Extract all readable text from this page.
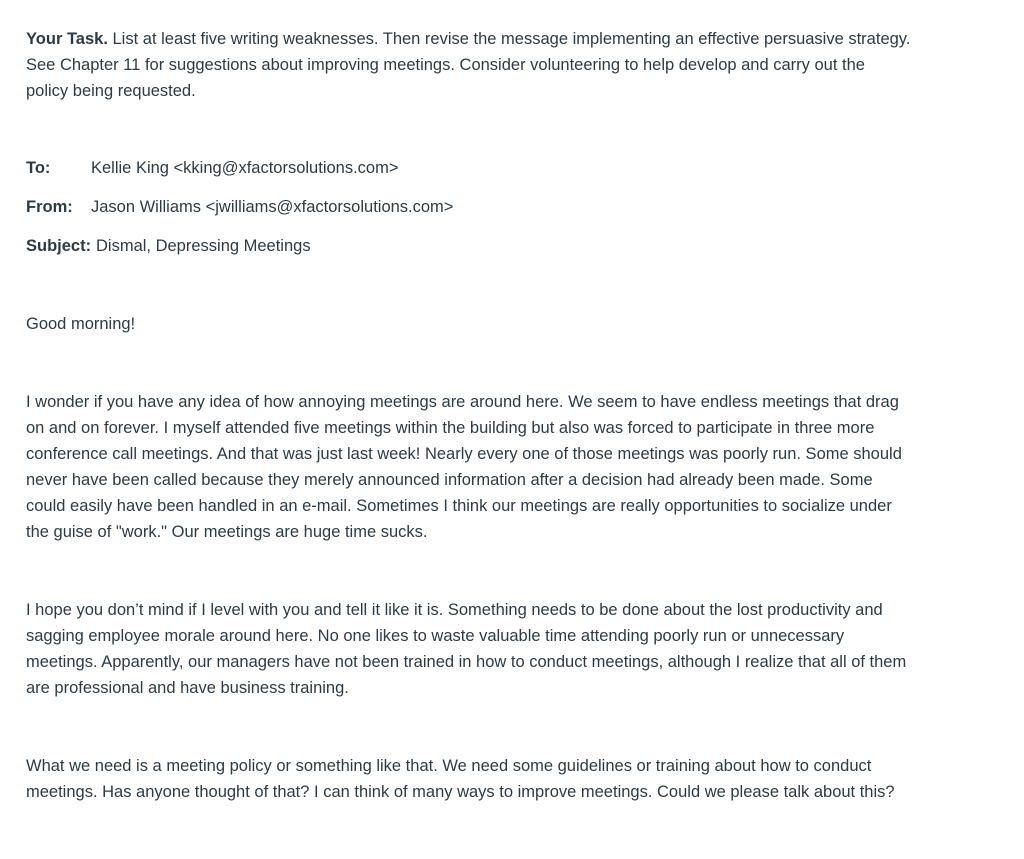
Your Task. List at least five writing weaknesses. Then revise the message implementing an effective persuasive strategy. See Chapter 11 for suggestions about improving meetings. Consider volunteering to help develop and carry out the policy being requested.

To: Kellie King <kking@xfactorsolutions.com>
From: Jason Williams <jwilliams@xfactorsolutions.com>
Subject: Dismal, Depressing Meetings

Good morning!

I wonder if you have any idea of how annoying meetings are around here. We seem to have endless meetings that drag on and on forever. I myself attended five meetings within the building but also was forced to participate in three more conference call meetings. And that was just last week! Nearly every one of those meetings was poorly run. Some should never have been called because they merely announced information after a decision had already been made. Some could easily have been handled in an e-mail. Sometimes I think our meetings are really opportunities to socialize under the guise of "work." Our meetings are huge time sucks.

I hope you don’t mind if I level with you and tell it like it is. Something needs to be done about the lost productivity and sagging employee morale around here. No one likes to waste valuable time attending poorly run or unnecessary meetings. Apparently, our managers have not been trained in how to conduct meetings, although I realize that all of them are professional and have business training.

What we need is a meeting policy or something like that. We need some guidelines or training about how to conduct meetings. Has anyone thought of that? I can think of many ways to improve meetings. Could we please talk about this?
